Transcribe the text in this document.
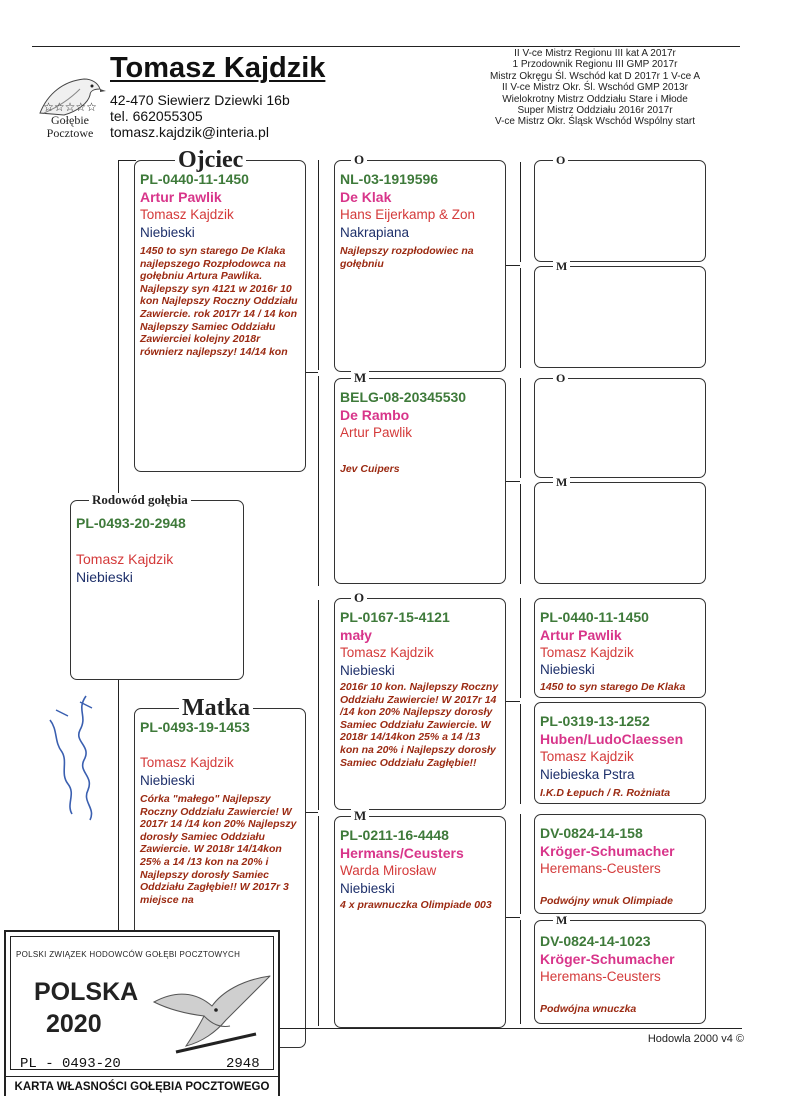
☆☆☆☆☆
Gołębie
Pocztowe
Tomasz Kajdzik
42-470 Siewierz Dziewki 16b
tel. 662055305
tomasz.kajdzik@interia.pl
II V-ce Mistrz Regionu III kat A 2017r
1 Przodownik Regionu III GMP 2017r
Mistrz Okręgu Śl. Wschód kat D 2017r 1 V-ce A
II V-ce Mistrz Okr. Śl. Wschód GMP 2013r
Wielokrotny Mistrz Oddziału Stare i Młode
Super Mistrz Oddziału 2016r 2017r
V-ce Mistrz Okr. Śląsk Wschód Wspólny start
Rodowód gołębia
PL-0493-20-2948
Tomasz Kajdzik
Niebieski
Ojciec
PL-0440-11-1450
Artur Pawlik
Tomasz Kajdzik
Niebieski
1450 to syn starego De Klaka najlepszego Rozpłodowca na gołębniu Artura Pawlika. Najlepszy syn 4121 w 2016r 10 kon Najlepszy Roczny Oddziału Zawiercie. rok 2017r 14 / 14 kon Najlepszy Samiec Oddziału Zawierciei kolejny 2018r równierz najlepszy! 14/14 kon
Matka
PL-0493-19-1453
Tomasz Kajdzik
Niebieski
Córka "małego" Najlepszy Roczny Oddziału Zawiercie! W 2017r 14 /14 kon 20% Najlepszy dorosły Samiec Oddziału Zawiercie. W 2018r 14/14kon 25% a 14 /13 kon na 20% i Najlepszy dorosły Samiec Oddziału Zagłębie!! W 2017r 3 miejsce na
O
NL-03-1919596
De Klak
Hans Eijerkamp & Zon
Nakrapiana
Najlepszy rozpłodowiec na gołębniu
M
BELG-08-20345530
De Rambo
Artur Pawlik
Jev Cuipers
O
PL-0167-15-4121
mały
Tomasz Kajdzik
Niebieski
2016r 10 kon. Najlepszy Roczny Oddziału Zawiercie! W 2017r 14 /14 kon 20% Najlepszy dorosły Samiec Oddziału Zawiercie. W 2018r 14/14kon 25% a 14 /13 kon na 20% i Najlepszy dorosły Samiec Oddziału Zagłębie!!
M
PL-0211-16-4448
Hermans/Ceusters
Warda Mirosław
Niebieski
4 x prawnuczka Olimpiade 003
O
M
O
M
PL-0440-11-1450
Artur Pawlik
Tomasz Kajdzik
Niebieski
1450 to syn starego De Klaka
PL-0319-13-1252
Huben/LudoClaessen
Tomasz Kajdzik
Niebieska Pstra
I.K.D Łepuch / R. Rożniata
DV-0824-14-158
Kröger-Schumacher
Heremans-Ceusters
Podwójny wnuk Olimpiade
M
DV-0824-14-1023
Kröger-Schumacher
Heremans-Ceusters
Podwójna wnuczka
Hodowla 2000 v4 ©
POLSKI ZWIĄZEK HODOWCÓW GOŁĘBI POCZTOWYCH
POLSKA
2020
PL - 0493-20	2948
KARTA WŁASNOŚCI GOŁĘBIA POCZTOWEGO
